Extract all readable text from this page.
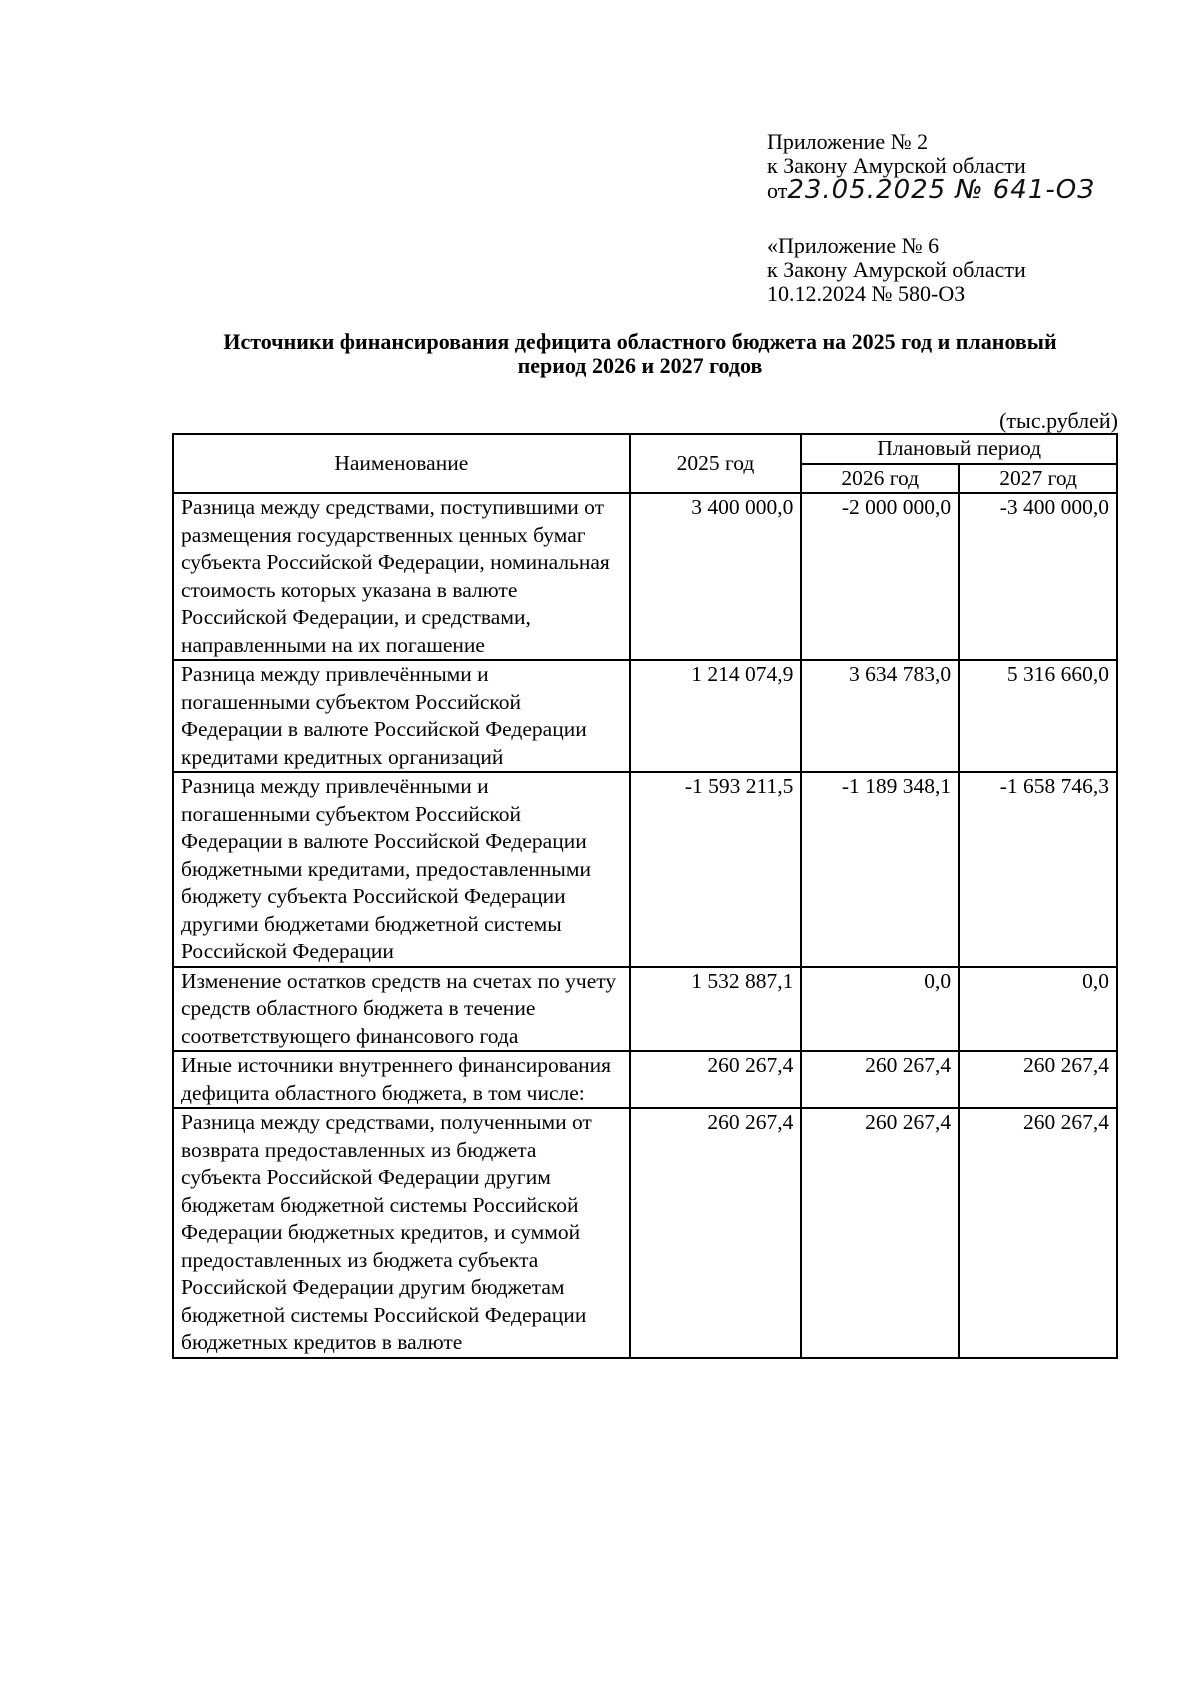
Приложение № 2
к Закону Амурской области
от23.05.2025 № 641-ОЗ
«Приложение № 6
к Закону Амурской области
10.12.2024 № 580-ОЗ
Источники финансирования дефицита областного бюджета на 2025 год и плановый
период 2026 и 2027 годов
(тыс.рублей)
Наименование	2025 год	Плановый период	
		2026 год	2027 год
Разница между средствами, поступившими от размещения государственных ценных бумаг субъекта Российской Федерации, номинальная стоимость которых указана в валюте Российской Федерации, и средствами, направленными на их погашение	3 400 000,0	-2 000 000,0	-3 400 000,0
Разница между привлечёнными и погашенными субъектом Российской Федерации в валюте Российской Федерации кредитами кредитных организаций	1 214 074,9	3 634 783,0	5 316 660,0
Разница между привлечёнными и погашенными субъектом Российской Федерации в валюте Российской Федерации бюджетными кредитами, предоставленными бюджету субъекта Российской Федерации другими бюджетами бюджетной системы Российской Федерации	-1 593 211,5	-1 189 348,1	-1 658 746,3
Изменение остатков средств на счетах по учету средств областного бюджета в течение соответствующего финансового года	1 532 887,1	0,0	0,0
Иные источники внутреннего финансирования дефицита областного бюджета, в том числе:	260 267,4	260 267,4	260 267,4
Разница между средствами, полученными от возврата предоставленных из бюджета субъекта Российской Федерации другим бюджетам бюджетной системы Российской Федерации бюджетных кредитов, и суммой предоставленных из бюджета субъекта Российской Федерации другим бюджетам бюджетной системы Российской Федерации бюджетных кредитов в валюте	260 267,4	260 267,4	260 267,4
